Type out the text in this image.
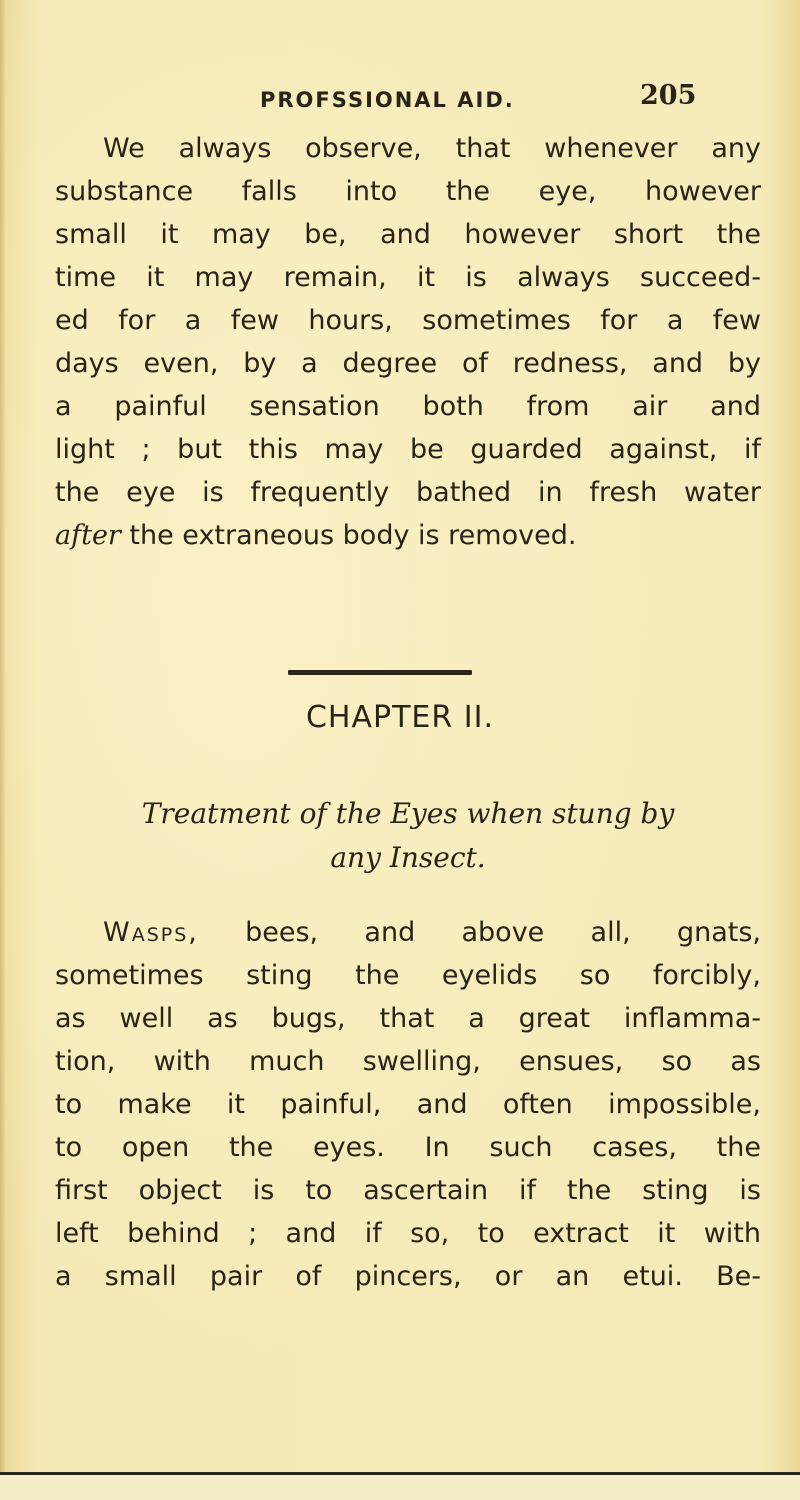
PROFSSIONAL AID.	205
We always observe, that whenever any
substance falls into the eye, however
small it may be, and however short the
time it may remain, it is always succeed-
ed for a few hours, sometimes for a few
days even, by a degree of redness, and by
a painful sensation both from air and
light ; but this may be guarded against, if
the eye is frequently bathed in fresh water
after the extraneous body is removed.
CHAPTER II.
Treatment of the Eyes when stung by
any Insect.
Wasps, bees, and above all, gnats,
sometimes sting the eyelids so forcibly,
as well as bugs, that a great inflamma-
tion, with much swelling, ensues, so as
to make it painful, and often impossible,
to open the eyes. In such cases, the
first object is to ascertain if the sting is
left behind ; and if so, to extract it with
a small pair of pincers, or an etui. Be-
